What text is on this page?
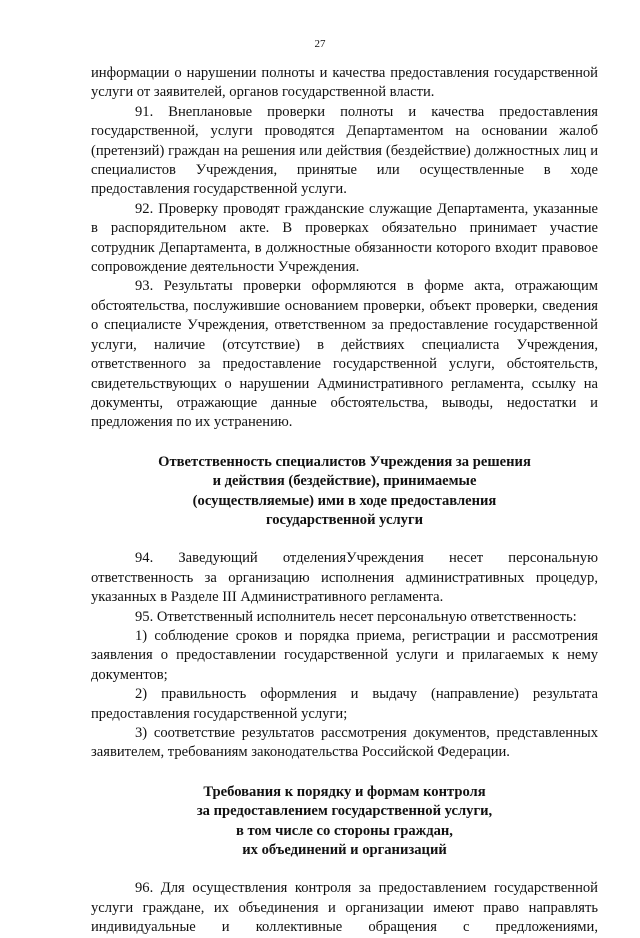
27

информации о нарушении полноты и качества предоставления государственной услуги от заявителей, органов государственной власти.

91. Внеплановые проверки полноты и качества предоставления государственной, услуги проводятся Департаментом на основании жалоб (претензий) граждан на решения или действия (бездействие) должностных лиц и специалистов Учреждения, принятые или осуществленные в ходе предоставления государственной услуги.

92. Проверку проводят гражданские служащие Департамента, указанные в распорядительном акте. В проверках обязательно принимает участие сотрудник Департамента, в должностные обязанности которого входит правовое сопровождение деятельности Учреждения.

93. Результаты проверки оформляются в форме акта, отражающим обстоятельства, послужившие основанием проверки, объект проверки, сведения о специалисте Учреждения, ответственном за предоставление государственной услуги, наличие (отсутствие) в действиях специалиста Учреждения, ответственного за предоставление государственной услуги, обстоятельств, свидетельствующих о нарушении Административного регламента, ссылку на документы, отражающие данные обстоятельства, выводы, недостатки и предложения по их устранению.

Ответственность специалистов Учреждения за решения и действия (бездействие), принимаемые (осуществляемые) ими в ходе предоставления государственной услуги

94. Заведующий отделенияУчреждения несет персональную ответственность за организацию исполнения административных процедур, указанных в Разделе III Административного регламента.

95. Ответственный исполнитель несет персональную ответственность:

1) соблюдение сроков и порядка приема, регистрации и рассмотрения заявления о предоставлении государственной услуги и прилагаемых к нему документов;

2) правильность оформления и выдачу (направление) результата предоставления государственной услуги;

3) соответствие результатов рассмотрения документов, представленных заявителем, требованиям законодательства Российской Федерации.

Требования к порядку и формам контроля
за предоставлением государственной услуги,
в том числе со стороны граждан,
их объединений и организаций

96. Для осуществления контроля за предоставлением государственной услуги граждане, их объединения и организации имеют право направлять индивидуальные и коллективные обращения с предложениями,
